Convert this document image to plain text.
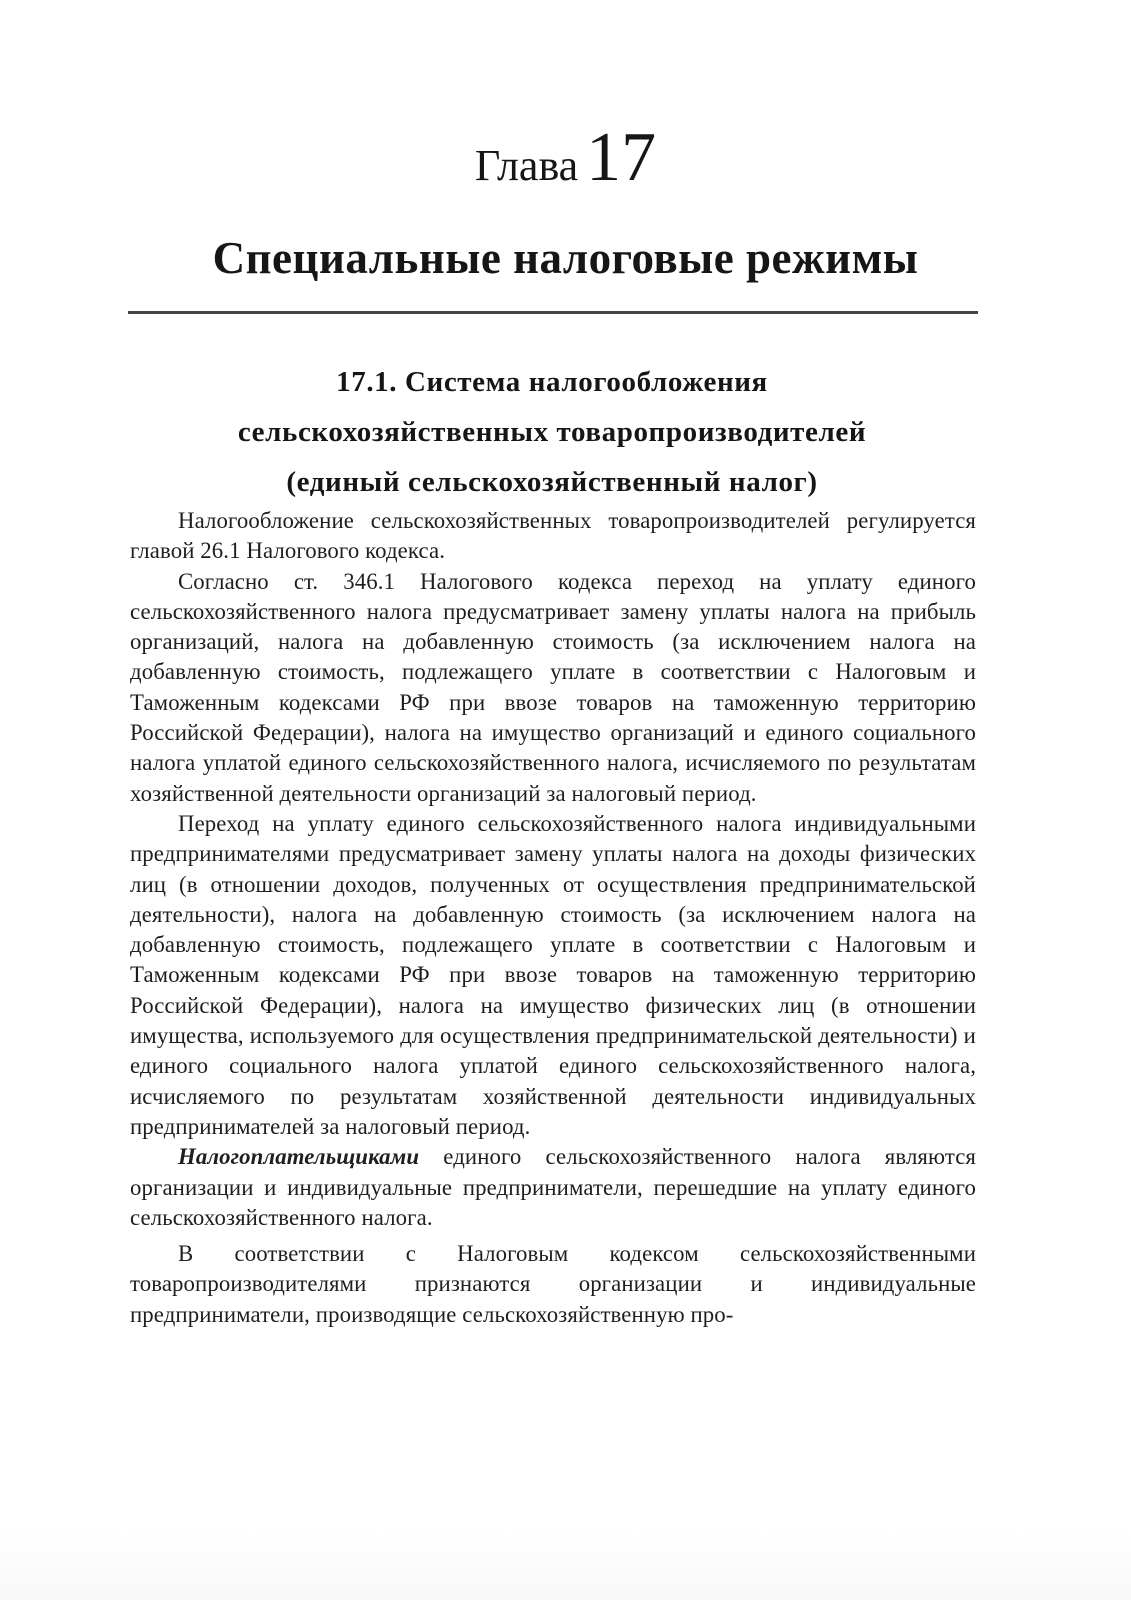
Глава 17
Специальные налоговые режимы
17.1. Система налогообложения
сельскохозяйственных товаропроизводителей
(единый сельскохозяйственный налог)

Налогообложение сельскохозяйственных товаропроизводителей регулируется главой 26.1 Налогового кодекса.

Согласно ст. 346.1 Налогового кодекса переход на уплату единого сельскохозяйственного налога предусматривает замену уплаты налога на прибыль организаций, налога на добавленную стоимость (за исключением налога на добавленную стоимость, подлежащего уплате в соответствии с Налоговым и Таможенным кодексами РФ при ввозе товаров на таможенную территорию Российской Федерации), налога на имущество организаций и единого социального налога уплатой единого сельскохозяйственного налога, исчисляемого по результатам хозяйственной деятельности организаций за налоговый период.

Переход на уплату единого сельскохозяйственного налога индивидуальными предпринимателями предусматривает замену уплаты налога на доходы физических лиц (в отношении доходов, полученных от осуществления предпринимательской деятельности), налога на добавленную стоимость (за исключением налога на добавленную стоимость, подлежащего уплате в соответствии с Налоговым и Таможенным кодексами РФ при ввозе товаров на таможенную территорию Российской Федерации), налога на имущество физических лиц (в отношении имущества, используемого для осуществления предпринимательской деятельности) и единого социального налога уплатой единого сельскохозяйственного налога, исчисляемого по результатам хозяйственной деятельности индивидуальных предпринимателей за налоговый период.

Налогоплательщиками единого сельскохозяйственного налога являются организации и индивидуальные предприниматели, перешедшие на уплату единого сельскохозяйственного налога.

В соответствии с Налоговым кодексом сельскохозяйственными товаропроизводителями признаются организации и индивидуальные предприниматели, производящие сельскохозяйственную про-
